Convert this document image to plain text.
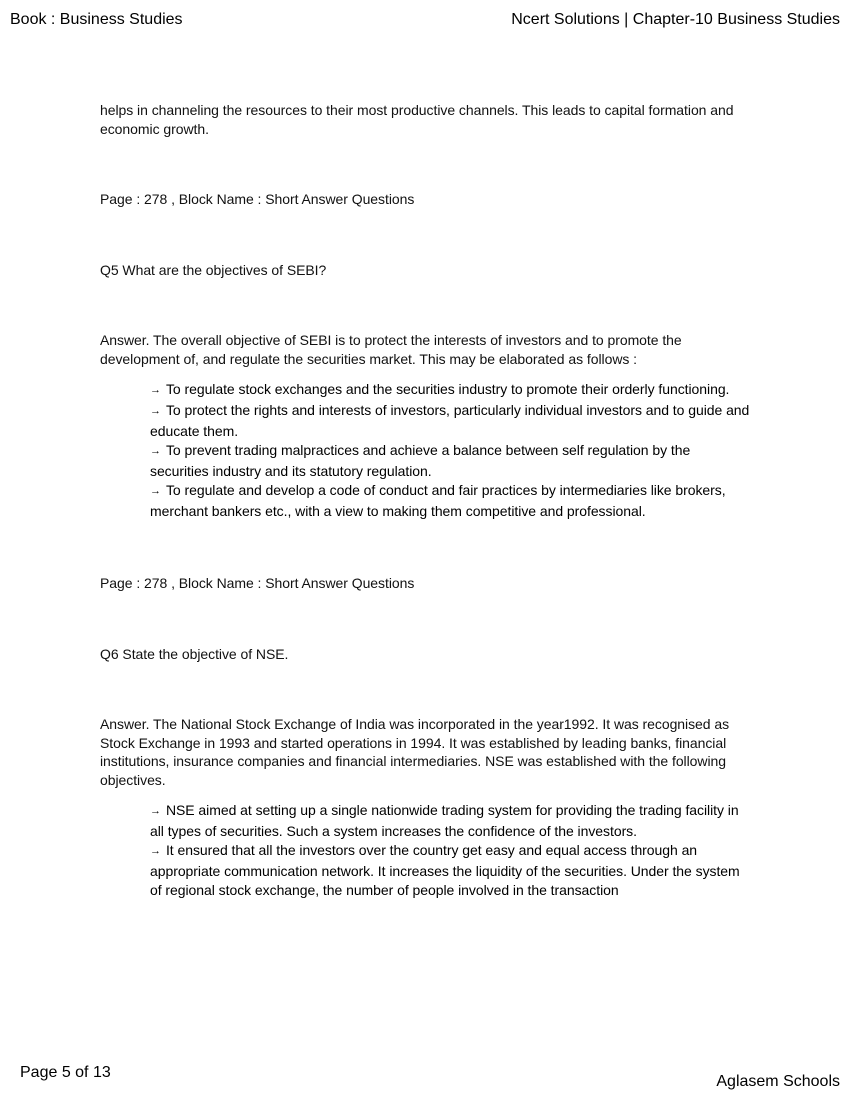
Book : Business Studies	Ncert Solutions | Chapter-10 Business Studies

helps in channeling the resources to their most productive channels. This leads to capital formation and economic growth.

Page : 278 , Block Name : Short Answer Questions

Q5 What are the objectives of SEBI?

Answer. The overall objective of SEBI is to protect the interests of investors and to promote the development of, and regulate the securities market. This may be elaborated as follows :

→ To regulate stock exchanges and the securities industry to promote their orderly functioning.

→ To protect the rights and interests of investors, particularly individual investors and to guide and educate them.

→ To prevent trading malpractices and achieve a balance between self regulation by the securities industry and its statutory regulation.

→ To regulate and develop a code of conduct and fair practices by intermediaries like brokers, merchant bankers etc., with a view to making them competitive and professional.

Page : 278 , Block Name : Short Answer Questions

Q6 State the objective of NSE.

Answer. The National Stock Exchange of India was incorporated in the year1992. It was recognised as Stock Exchange in 1993 and started operations in 1994. It was established by leading banks, financial institutions, insurance companies and financial intermediaries. NSE was established with the following objectives.

→ NSE aimed at setting up a single nationwide trading system for providing the trading facility in all types of securities. Such a system increases the confidence of the investors.

→ It ensured that all the investors over the country get easy and equal access through an appropriate communication network. It increases the liquidity of the securities. Under the system of regional stock exchange, the number of people involved in the transaction

Page 5 of 13
Aglasem Schools
